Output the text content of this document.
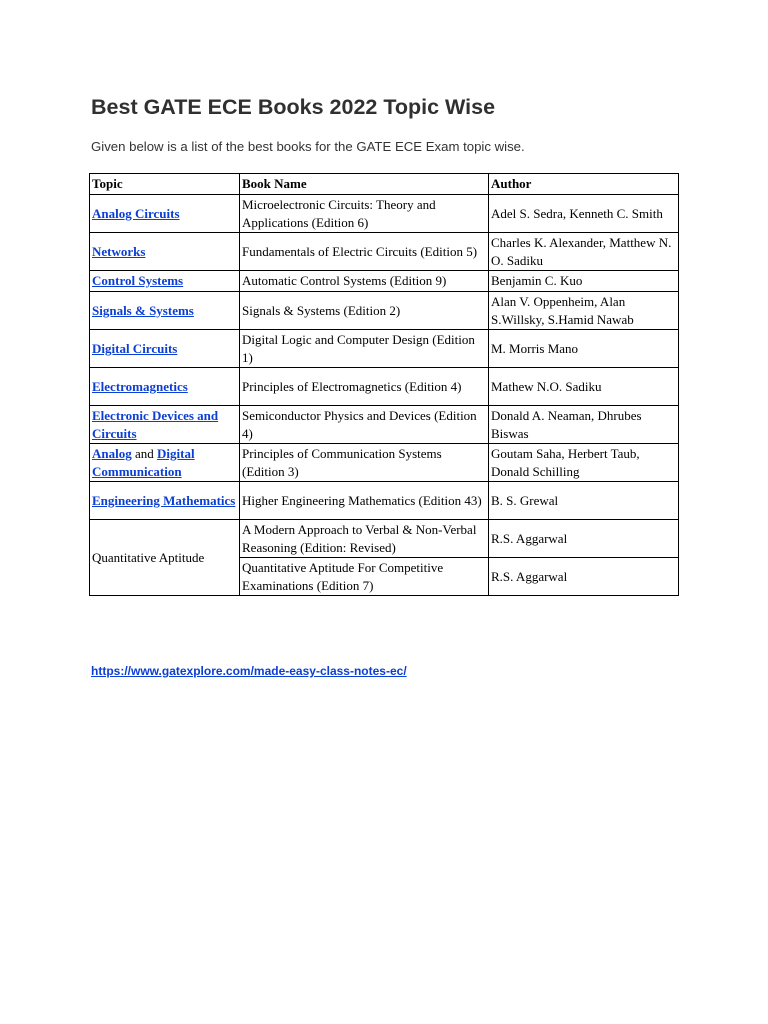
Best GATE ECE Books 2022 Topic Wise

Given below is a list of the best books for the GATE ECE Exam topic wise.

Topic	Book Name	Author
Analog Circuits	Microelectronic Circuits: Theory and Applications (Edition 6)	Adel S. Sedra, Kenneth C. Smith
Networks	Fundamentals of Electric Circuits (Edition 5)	Charles K. Alexander, Matthew N. O. Sadiku
Control Systems	Automatic Control Systems (Edition 9)	Benjamin C. Kuo
Signals & Systems	Signals & Systems (Edition 2)	Alan V. Oppenheim, Alan S.Willsky, S.Hamid Nawab
Digital Circuits	Digital Logic and Computer Design (Edition 1)	M. Morris Mano
Electromagnetics	Principles of Electromagnetics (Edition 4)	Mathew N.O. Sadiku
Electronic Devices and Circuits	Semiconductor Physics and Devices (Edition 4)	Donald A. Neaman, Dhrubes Biswas
Analog and Digital Communication	Principles of Communication Systems (Edition 3)	Goutam Saha, Herbert Taub, Donald Schilling
Engineering Mathematics	Higher Engineering Mathematics (Edition 43)	B. S. Grewal
Quantitative Aptitude	A Modern Approach to Verbal & Non-Verbal Reasoning (Edition: Revised)	R.S. Aggarwal
	Quantitative Aptitude For Competitive Examinations (Edition 7)	R.S. Aggarwal
https://www.gatexplore.com/made-easy-class-notes-ec/
